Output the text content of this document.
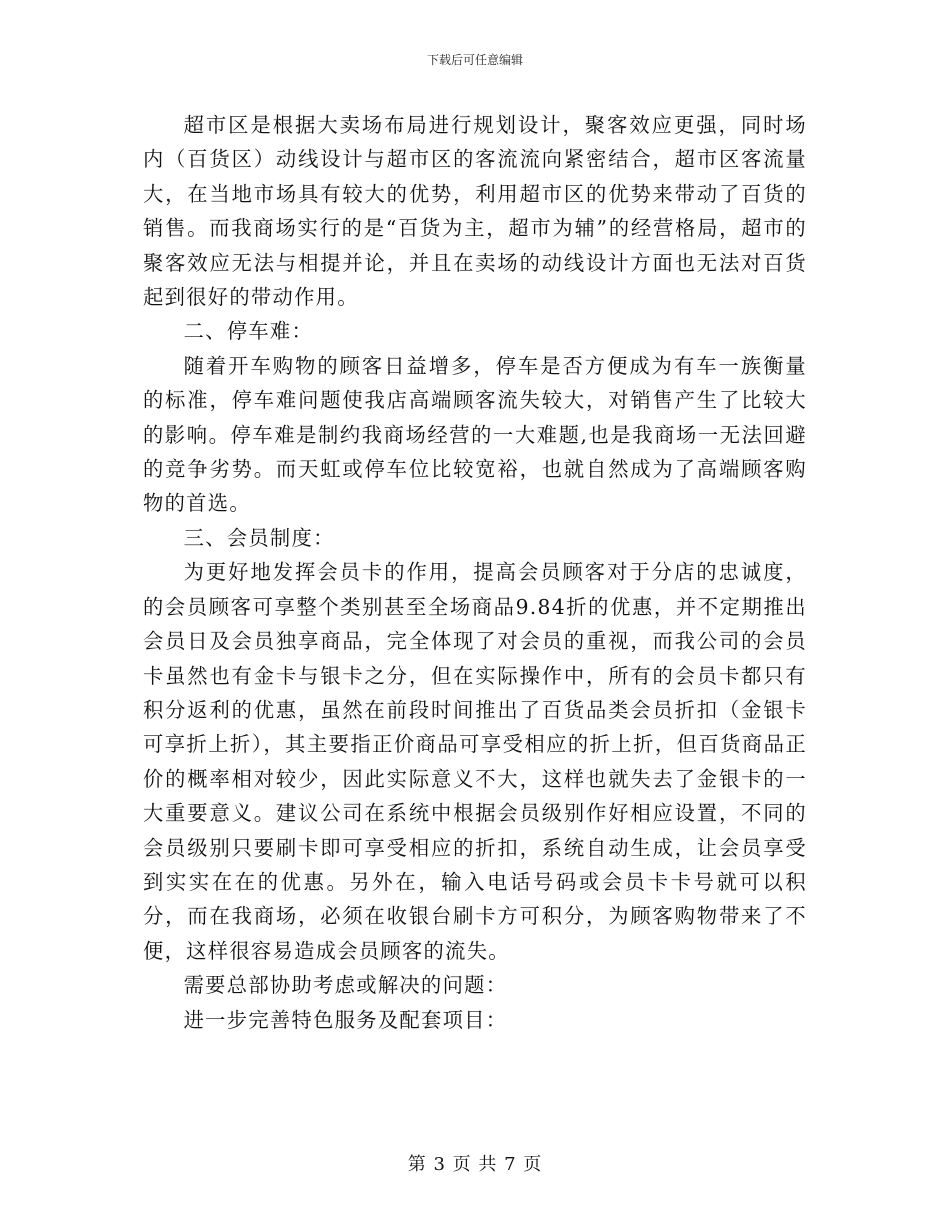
下载后可任意编辑

超市区是根据大卖场布局进行规划设计，聚客效应更强，同时场内（百货区）动线设计与超市区的客流流向紧密结合，超市区客流量大，在当地市场具有较大的优势，利用超市区的优势来带动了百货的销售。而我商场实行的是“百货为主，超市为辅”的经营格局，超市的聚客效应无法与相提并论，并且在卖场的动线设计方面也无法对百货起到很好的带动作用。

二、停车难：

随着开车购物的顾客日益增多，停车是否方便成为有车一族衡量的标准，停车难问题使我店高端顾客流失较大，对销售产生了比较大的影响。停车难是制约我商场经营的一大难题,也是我商场一无法回避的竞争劣势。而天虹或停车位比较宽裕，也就自然成为了高端顾客购物的首选。

三、会员制度：

为更好地发挥会员卡的作用，提高会员顾客对于分店的忠诚度，的会员顾客可享整个类别甚至全场商品9.84折的优惠，并不定期推出会员日及会员独享商品，完全体现了对会员的重视，而我公司的会员卡虽然也有金卡与银卡之分，但在实际操作中，所有的会员卡都只有积分返利的优惠，虽然在前段时间推出了百货品类会员折扣（金银卡可享折上折），其主要指正价商品可享受相应的折上折，但百货商品正价的概率相对较少，因此实际意义不大，这样也就失去了金银卡的一大重要意义。建议公司在系统中根据会员级别作好相应设置，不同的会员级别只要刷卡即可享受相应的折扣，系统自动生成，让会员享受到实实在在的优惠。另外在，输入电话号码或会员卡卡号就可以积分，而在我商场，必须在收银台刷卡方可积分，为顾客购物带来了不便，这样很容易造成会员顾客的流失。

需要总部协助考虑或解决的问题：

进一步完善特色服务及配套项目：

第 3 页 共 7 页
